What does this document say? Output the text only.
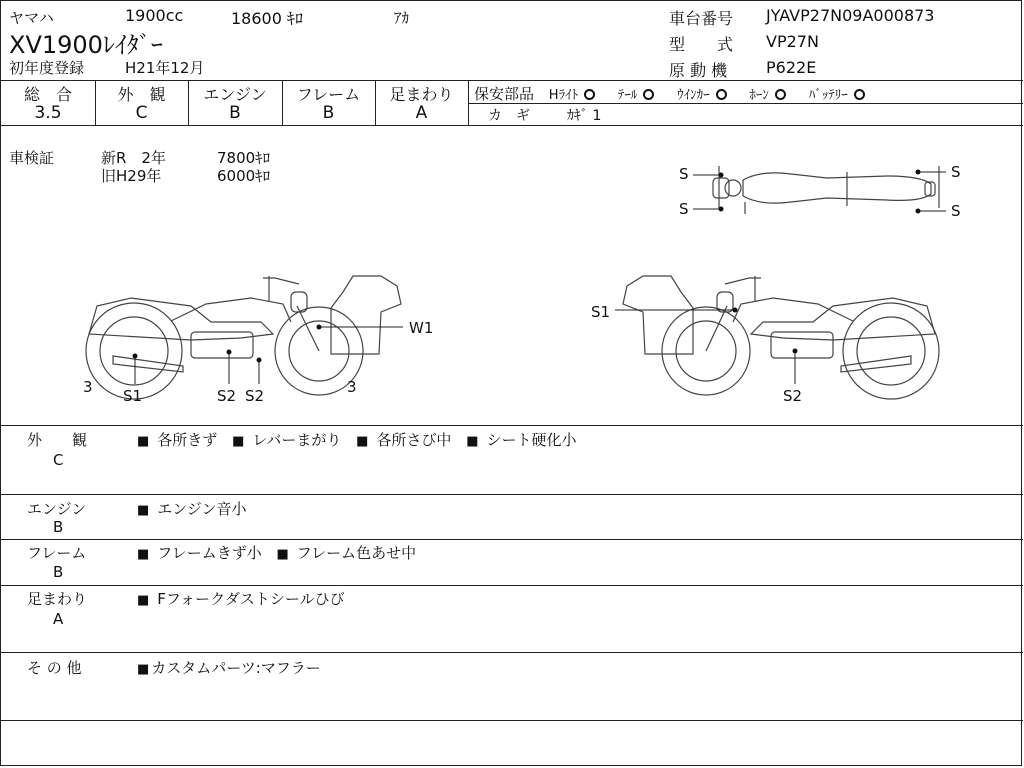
ヤマハ	1900cc	18600 ｷﾛ	ｱｶ
XV1900ﾚｲﾀﾞｰ
初年度登録	H21年12月
車台番号 JYAVP27N09A000873
型　　式 VP27N
原 動 機 P622E
総　合
3.5
外　観
C
エンジン
B
フレーム
B
足まわり
A
保安部品 Hﾗｲﾄ	ﾃｰﾙ	ｳｲﾝｶｰ	ﾎｰﾝ	ﾊﾞｯﾃﾘｰ
カ　ギ	ｶｷﾞ 1
車検証	新R　2年	7800ｷﾛ
旧H29年	6000ｷﾛ	S
S
S
S
W1
S1	S2 S2
3	3
S1
S2
外　　観
C
■ 各所きず ■ レバーまがり ■ 各所さび中 ■ シート硬化小
エンジン
B
■ エンジン音小
フレーム
B
■ フレームきず小 ■ フレーム色あせ中
足まわり
A
■ Fフォークダストシールひび
そ の 他	■ カスタムパーツ:マフラー
